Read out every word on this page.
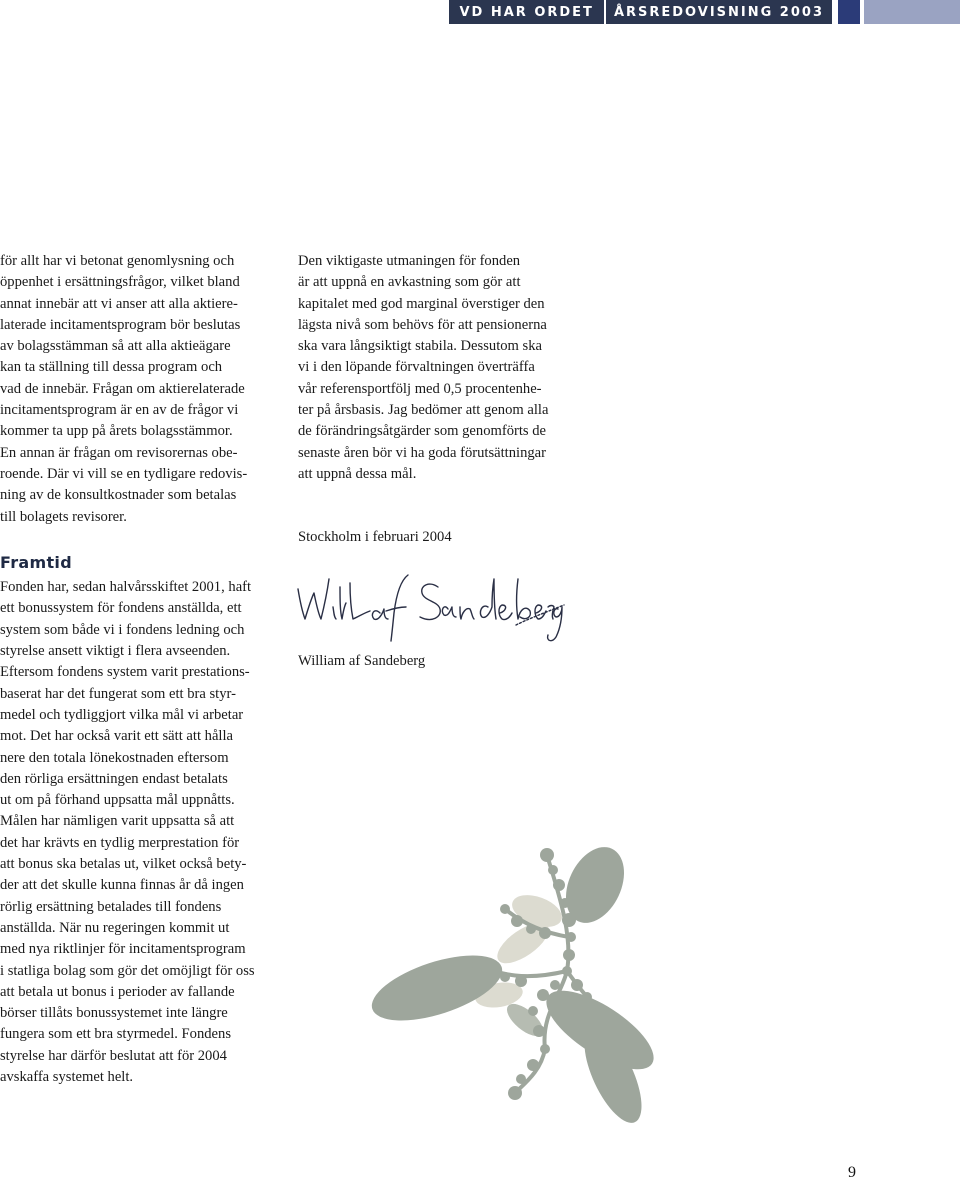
VD HAR ORDET	ÅRSREDOVISNING 2003

för allt har vi betonat genomlysning och
öppenhet i ersättningsfrågor, vilket bland
annat innebär att vi anser att alla aktiere-
laterade incitamentsprogram bör beslutas
av bolagsstämman så att alla aktieägare
kan ta ställning till dessa program och
vad de innebär. Frågan om aktierelaterade
incitamentsprogram är en av de frågor vi
kommer ta upp på årets bolagsstämmor.
En annan är frågan om revisorernas obe-
roende. Där vi vill se en tydligare redovis-
ning av de konsultkostnader som betalas
till bolagets revisorer.

Framtid

Fonden har, sedan halvårsskiftet 2001, haft
ett bonussystem för fondens anställda, ett
system som både vi i fondens ledning och
styrelse ansett viktigt i flera avseenden.
Eftersom fondens system varit prestations-
baserat har det fungerat som ett bra styr-
medel och tydliggjort vilka mål vi arbetar
mot. Det har också varit ett sätt att hålla
nere den totala lönekostnaden eftersom
den rörliga ersättningen endast betalats
ut om på förhand uppsatta mål uppnåtts.
Målen har nämligen varit uppsatta så att
det har krävts en tydlig merprestation för
att bonus ska betalas ut, vilket också bety-
der att det skulle kunna finnas år då ingen
rörlig ersättning betalades till fondens
anställda. När nu regeringen kommit ut
med nya riktlinjer för incitamentsprogram
i statliga bolag som gör det omöjligt för oss
att betala ut bonus i perioder av fallande
börser tillåts bonussystemet inte längre
fungera som ett bra styrmedel. Fondens
styrelse har därför beslutat att för 2004
avskaffa systemet helt.

Den viktigaste utmaningen för fonden
är att uppnå en avkastning som gör att
kapitalet med god marginal överstiger den
lägsta nivå som behövs för att pensionerna
ska vara långsiktigt stabila. Dessutom ska
vi i den löpande förvaltningen överträffa
vår referensportfölj med 0,5 procentenhe-
ter på årsbasis. Jag bedömer att genom alla
de förändringsåtgärder som genomförts de
senaste åren bör vi ha goda förutsättningar
att uppnå dessa mål.

Stockholm i februari 2004

William af Sandeberg

9
